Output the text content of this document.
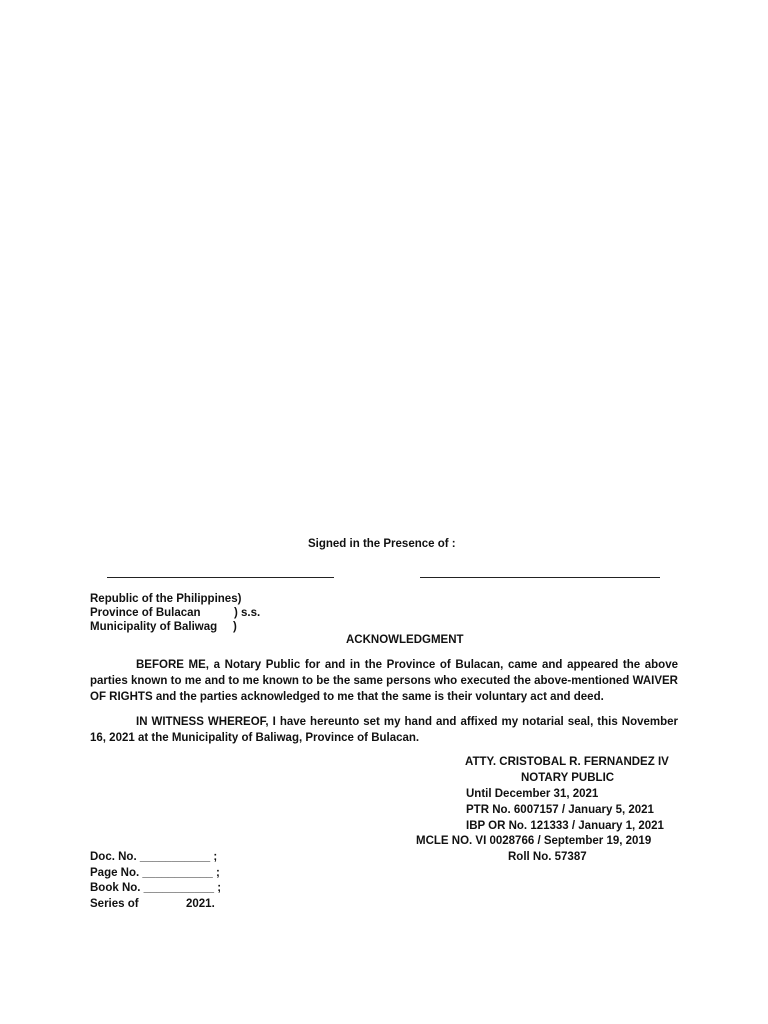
Signed in the Presence of :
Republic of the Philippines)
Province of Bulacan	) s.s.
Municipality of Baliwag )
ACKNOWLEDGMENT
BEFORE ME, a Notary Public for and in the Province of Bulacan, came and appeared the above parties known to me and to me known to be the same persons who executed the above-mentioned WAIVER OF RIGHTS and the parties acknowledged to me that the same is their voluntary act and deed.
IN WITNESS WHEREOF, I have hereunto set my hand and affixed my notarial seal, this November 16, 2021 at the Municipality of Baliwag, Province of Bulacan.
ATTY. CRISTOBAL R. FERNANDEZ IV
NOTARY PUBLIC
Until December 31, 2021
PTR No. 6007157 / January 5, 2021
IBP OR No. 121333 / January 1, 2021
MCLE NO. VI 0028766 / September 19, 2019
Roll No. 57387
Doc. No. ___________ ;
Page No. ___________ ;
Book No. ___________ ;
Series of	2021.
